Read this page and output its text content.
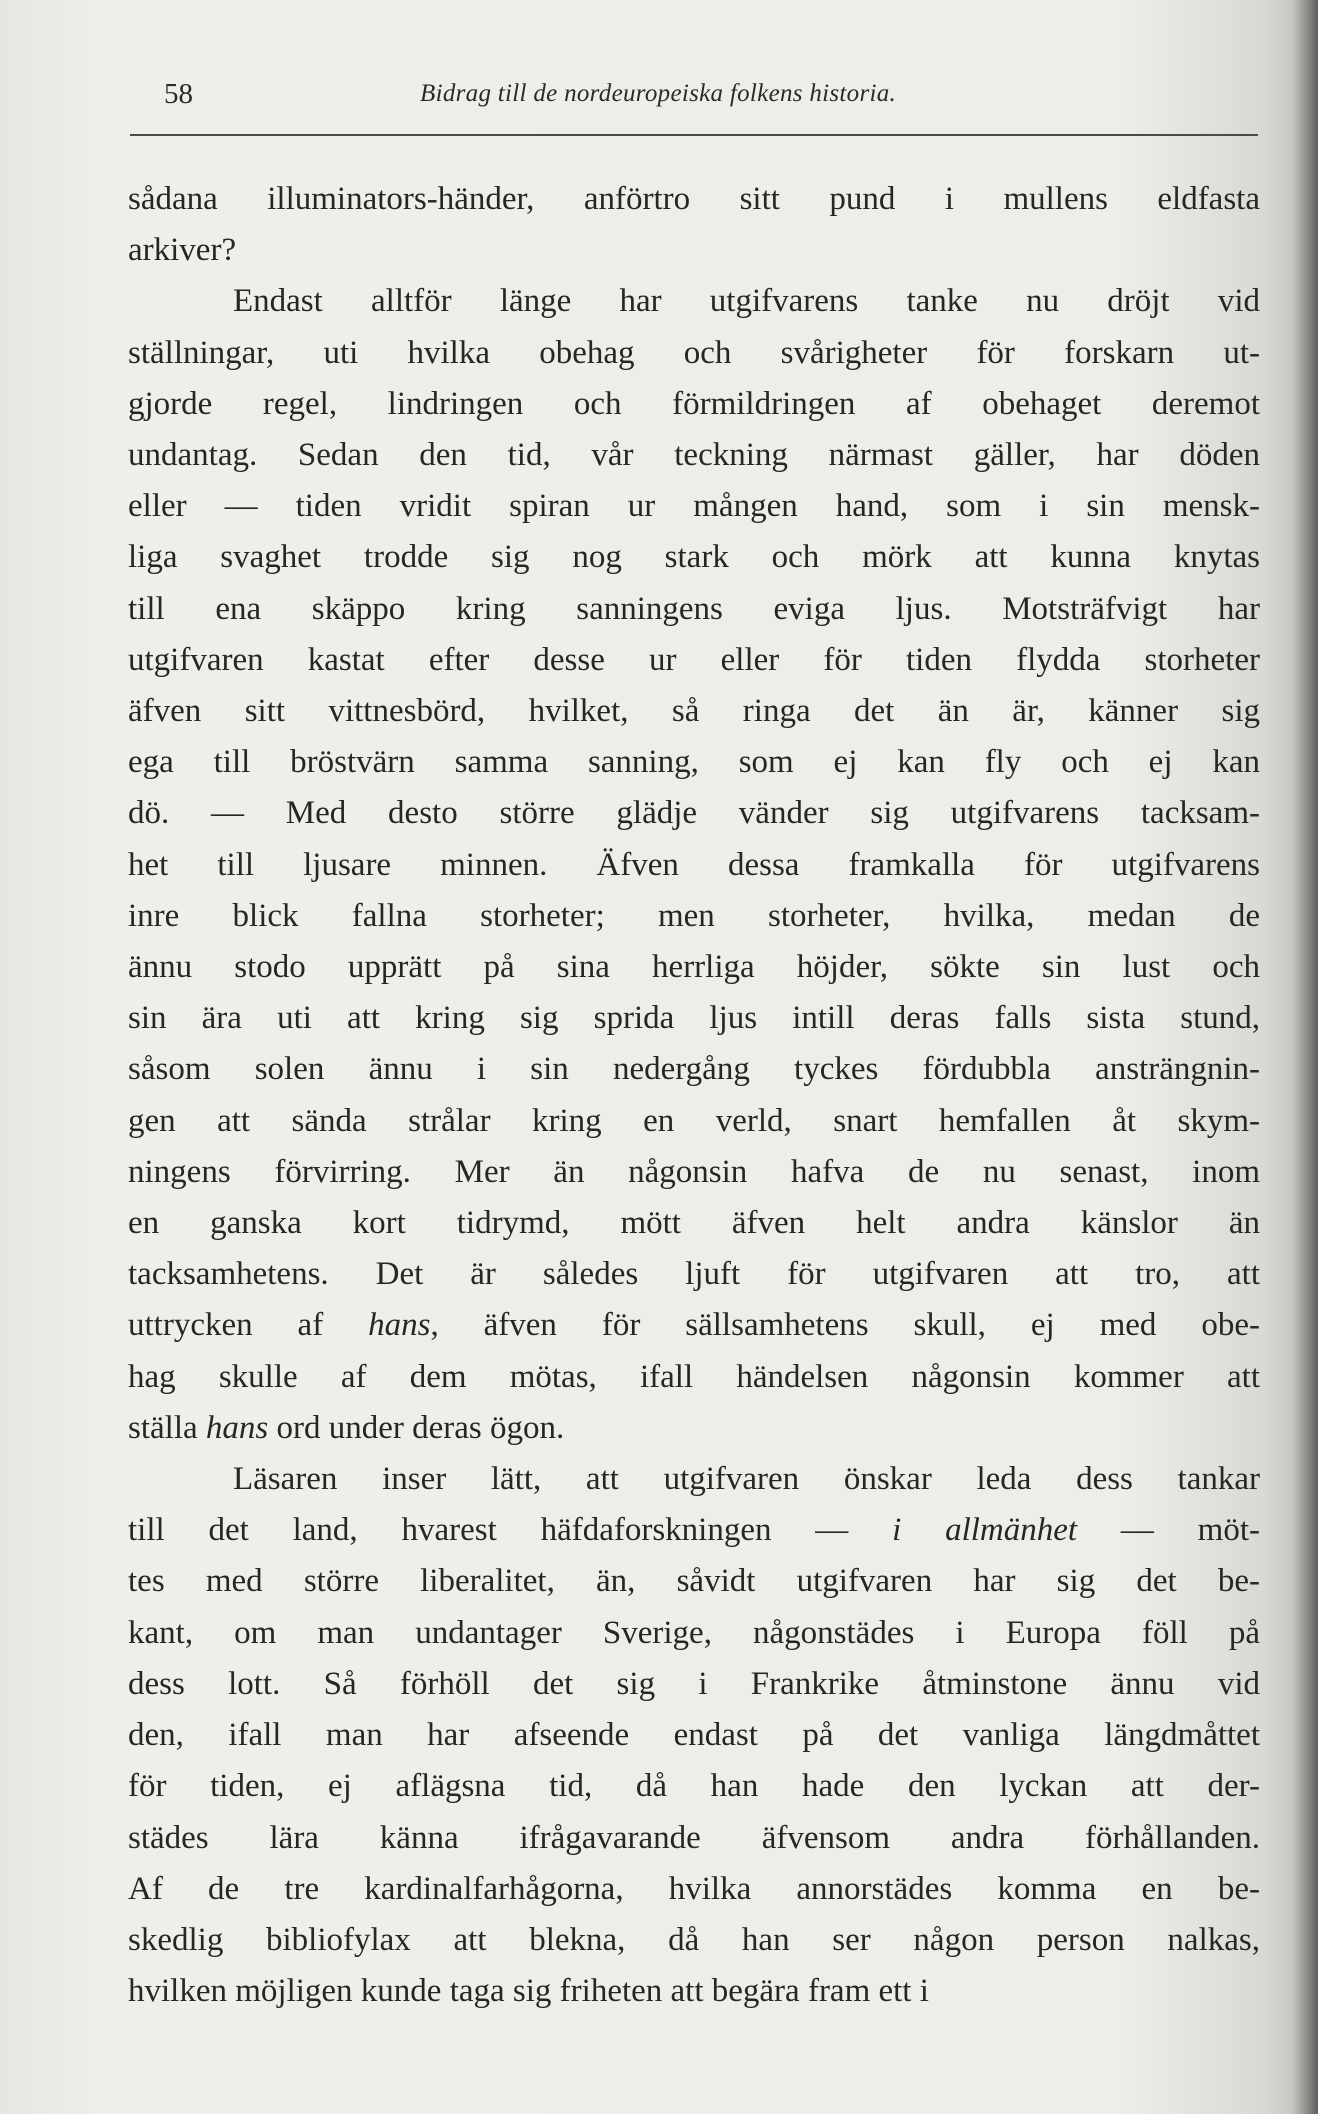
58	Bidrag till de nordeuropeiska folkens historia.
sådana illuminators-händer, anförtro sitt pund i mullens eldfasta
arkiver?
Endast alltför länge har utgifvarens tanke nu dröjt vid
ställningar, uti hvilka obehag och svårigheter för forskarn ut-
gjorde regel, lindringen och förmildringen af obehaget deremot
undantag. Sedan den tid, vår teckning närmast gäller, har döden
eller — tiden vridit spiran ur mången hand, som i sin mensk-
liga svaghet trodde sig nog stark och mörk att kunna knytas
till ena skäppo kring sanningens eviga ljus. Motsträfvigt har
utgifvaren kastat efter desse ur eller för tiden flydda storheter
äfven sitt vittnesbörd, hvilket, så ringa det än är, känner sig
ega till bröstvärn samma sanning, som ej kan fly och ej kan
dö. — Med desto större glädje vänder sig utgifvarens tacksam-
het till ljusare minnen. Äfven dessa framkalla för utgifvarens
inre blick fallna storheter; men storheter, hvilka, medan de
ännu stodo upprätt på sina herrliga höjder, sökte sin lust och
sin ära uti att kring sig sprida ljus intill deras falls sista stund,
såsom solen ännu i sin nedergång tyckes fördubbla ansträngnin-
gen att sända strålar kring en verld, snart hemfallen åt skym-
ningens förvirring. Mer än någonsin hafva de nu senast, inom
en ganska kort tidrymd, mött äfven helt andra känslor än
tacksamhetens. Det är således ljuft för utgifvaren att tro, att
uttrycken af hans, äfven för sällsamhetens skull, ej med obe-
hag skulle af dem mötas, ifall händelsen någonsin kommer att
ställa hans ord under deras ögon.
Läsaren inser lätt, att utgifvaren önskar leda dess tankar
till det land, hvarest häfdaforskningen — i allmänhet — möt-
tes med större liberalitet, än, såvidt utgifvaren har sig det be-
kant, om man undantager Sverige, någonstädes i Europa föll på
dess lott. Så förhöll det sig i Frankrike åtminstone ännu vid
den, ifall man har afseende endast på det vanliga längdmåttet
för tiden, ej aflägsna tid, då han hade den lyckan att der-
städes lära känna ifrågavarande äfvensom andra förhållanden.
Af de tre kardinalfarhågorna, hvilka annorstädes komma en be-
skedlig bibliofylax att blekna, då han ser någon person nalkas,
hvilken möjligen kunde taga sig friheten att begära fram ett i
